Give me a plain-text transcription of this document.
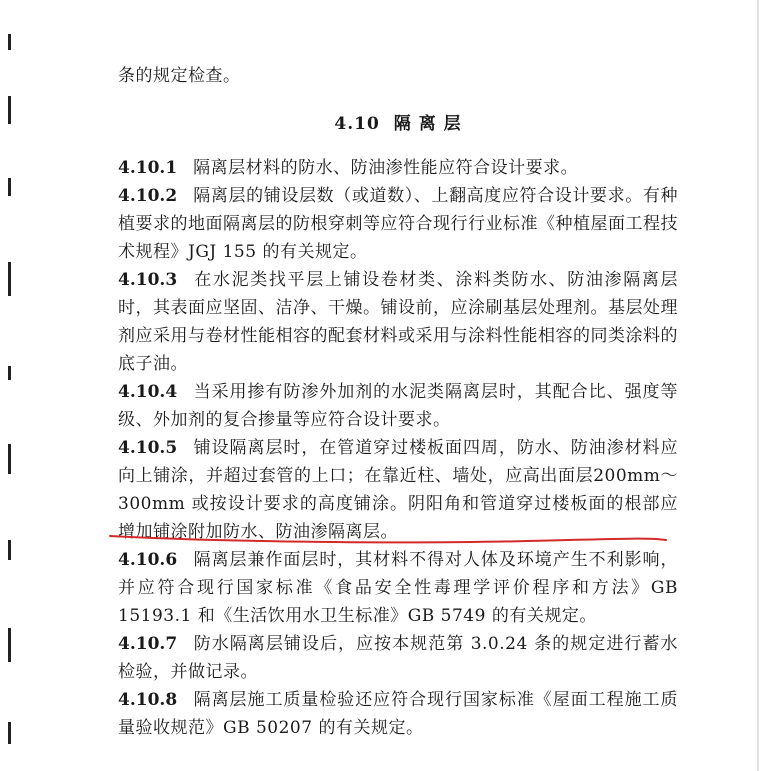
条的规定检查。

4.10 隔 离 层

4.10.1 隔离层材料的防水、防油渗性能应符合设计要求。

4.10.2 隔离层的铺设层数（或道数）、上翻高度应符合设计要求。有种植要求的地面隔离层的防根穿刺等应符合现行行业标准《种植屋面工程技术规程》JGJ 155 的有关规定。

4.10.3 在水泥类找平层上铺设卷材类、涂料类防水、防油渗隔离层时，其表面应坚固、洁净、干燥。铺设前，应涂刷基层处理剂。基层处理剂应采用与卷材性能相容的配套材料或采用与涂料性能相容的同类涂料的底子油。

4.10.4 当采用掺有防渗外加剂的水泥类隔离层时，其配合比、强度等级、外加剂的复合掺量等应符合设计要求。

4.10.5 铺设隔离层时，在管道穿过楼板面四周，防水、防油渗材料应向上铺涂，并超过套管的上口；在靠近柱、墙处，应高出面层200mm～300mm 或按设计要求的高度铺涂。阴阳角和管道穿过楼板面的根部应增加铺涂附加防水、防油渗隔离层。

4.10.6 隔离层兼作面层时，其材料不得对人体及环境产生不利影响，并应符合现行国家标准《食品安全性毒理学评价程序和方法》GB 15193.1 和《生活饮用水卫生标准》GB 5749 的有关规定。

4.10.7 防水隔离层铺设后，应按本规范第 3.0.24 条的规定进行蓄水检验，并做记录。

4.10.8 隔离层施工质量检验还应符合现行国家标准《屋面工程施工质量验收规范》GB 50207 的有关规定。
